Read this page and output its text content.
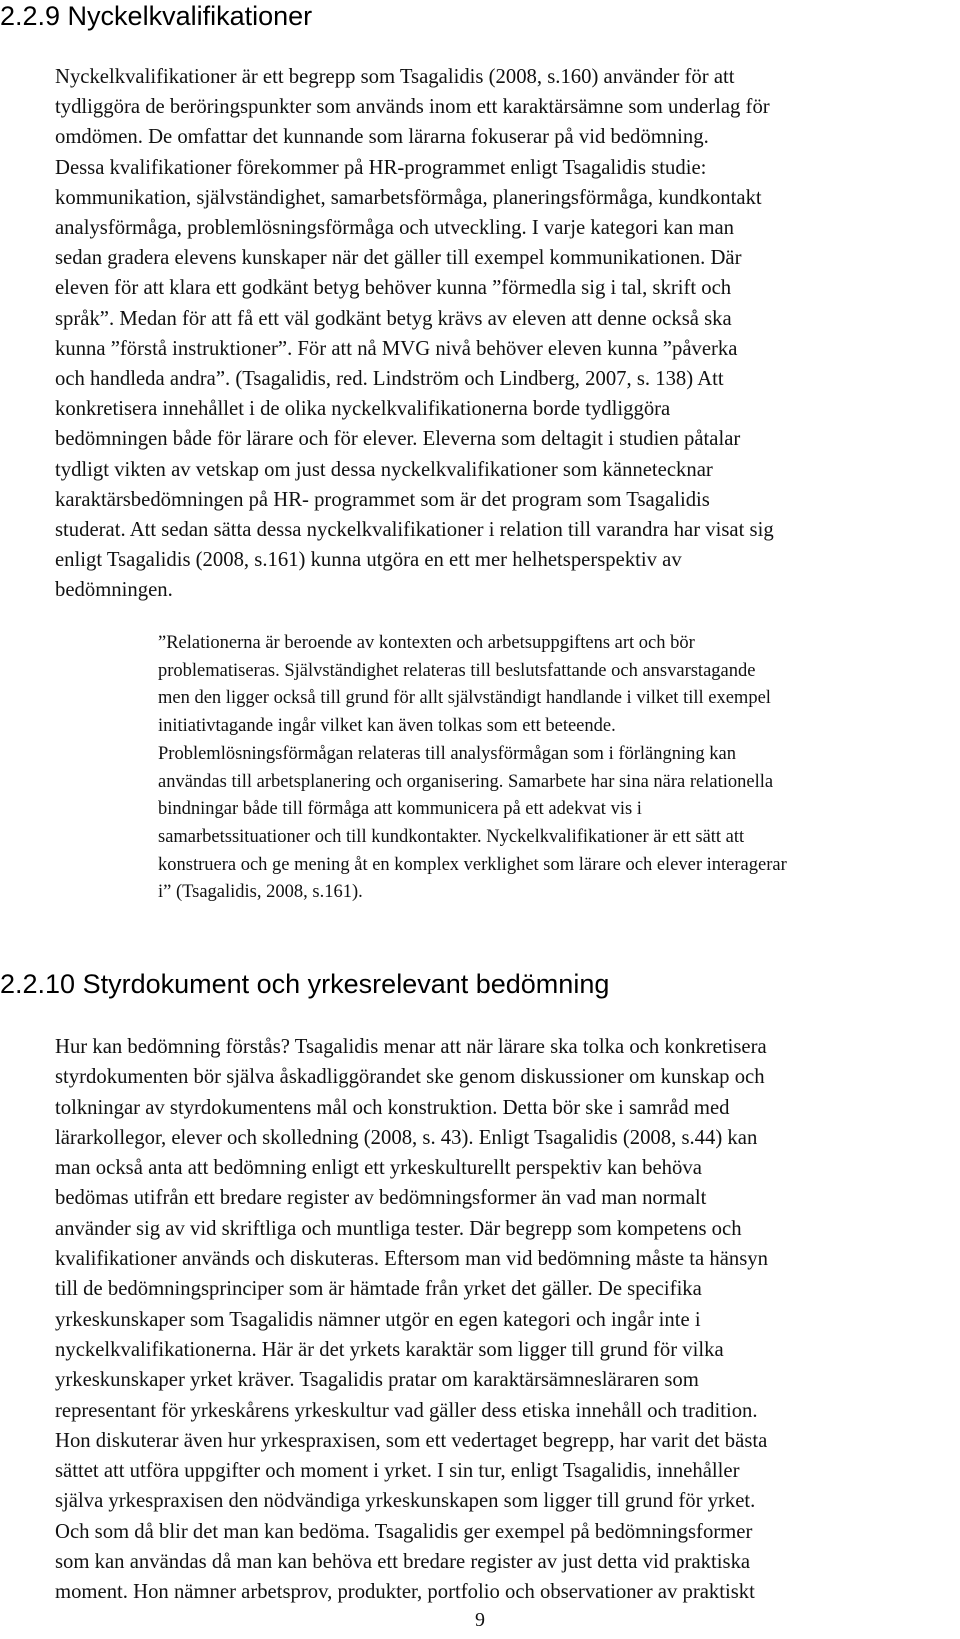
2.2.9 Nyckelkvalifikationer
Nyckelkvalifikationer är ett begrepp som Tsagalidis (2008, s.160) använder för att
tydliggöra de beröringspunkter som används inom ett karaktärsämne som underlag för
omdömen. De omfattar det kunnande som lärarna fokuserar på vid bedömning.
Dessa kvalifikationer förekommer på HR-programmet enligt Tsagalidis studie:
kommunikation, självständighet, samarbetsförmåga, planeringsförmåga, kundkontakt
analysförmåga, problemlösningsförmåga och utveckling. I varje kategori kan man
sedan gradera elevens kunskaper när det gäller till exempel kommunikationen. Där
eleven för att klara ett godkänt betyg behöver kunna ”förmedla sig i tal, skrift och
språk”. Medan för att få ett väl godkänt betyg krävs av eleven att denne också ska
kunna ”förstå instruktioner”. För att nå MVG nivå behöver eleven kunna ”påverka
och handleda andra”. (Tsagalidis, red. Lindström och Lindberg, 2007, s. 138) Att
konkretisera innehållet i de olika nyckelkvalifikationerna borde tydliggöra
bedömningen både för lärare och för elever. Eleverna som deltagit i studien påtalar
tydligt vikten av vetskap om just dessa nyckelkvalifikationer som kännetecknar
karaktärsbedömningen på HR- programmet som är det program som Tsagalidis
studerat. Att sedan sätta dessa nyckelkvalifikationer i relation till varandra har visat sig
enligt Tsagalidis (2008, s.161) kunna utgöra en ett mer helhetsperspektiv av
bedömningen.
”Relationerna är beroende av kontexten och arbetsuppgiftens art och bör
problematiseras. Självständighet relateras till beslutsfattande och ansvarstagande
men den ligger också till grund för allt självständigt handlande i vilket till exempel
initiativtagande ingår vilket kan även tolkas som ett beteende.
Problemlösningsförmågan relateras till analysförmågan som i förlängning kan
användas till arbetsplanering och organisering. Samarbete har sina nära relationella
bindningar både till förmåga att kommunicera på ett adekvat vis i
samarbetssituationer och till kundkontakter. Nyckelkvalifikationer är ett sätt att
konstruera och ge mening åt en komplex verklighet som lärare och elever interagerar
i” (Tsagalidis, 2008, s.161).
2.2.10 Styrdokument och yrkesrelevant bedömning
Hur kan bedömning förstås? Tsagalidis menar att när lärare ska tolka och konkretisera
styrdokumenten bör själva åskadliggörandet ske genom diskussioner om kunskap och
tolkningar av styrdokumentens mål och konstruktion. Detta bör ske i samråd med
lärarkollegor, elever och skolledning (2008, s. 43). Enligt Tsagalidis (2008, s.44) kan
man också anta att bedömning enligt ett yrkeskulturellt perspektiv kan behöva
bedömas utifrån ett bredare register av bedömningsformer än vad man normalt
använder sig av vid skriftliga och muntliga tester. Där begrepp som kompetens och
kvalifikationer används och diskuteras. Eftersom man vid bedömning måste ta hänsyn
till de bedömningsprinciper som är hämtade från yrket det gäller. De specifika
yrkeskunskaper som Tsagalidis nämner utgör en egen kategori och ingår inte i
nyckelkvalifikationerna. Här är det yrkets karaktär som ligger till grund för vilka
yrkeskunskaper yrket kräver. Tsagalidis pratar om karaktärsämnesläraren som
representant för yrkeskårens yrkeskultur vad gäller dess etiska innehåll och tradition.
Hon diskuterar även hur yrkespraxisen, som ett vedertaget begrepp, har varit det bästa
sättet att utföra uppgifter och moment i yrket. I sin tur, enligt Tsagalidis, innehåller
själva yrkespraxisen den nödvändiga yrkeskunskapen som ligger till grund för yrket.
Och som då blir det man kan bedöma. Tsagalidis ger exempel på bedömningsformer
som kan användas då man kan behöva ett bredare register av just detta vid praktiska
moment. Hon nämner arbetsprov, produkter, portfolio och observationer av praktiskt

9
